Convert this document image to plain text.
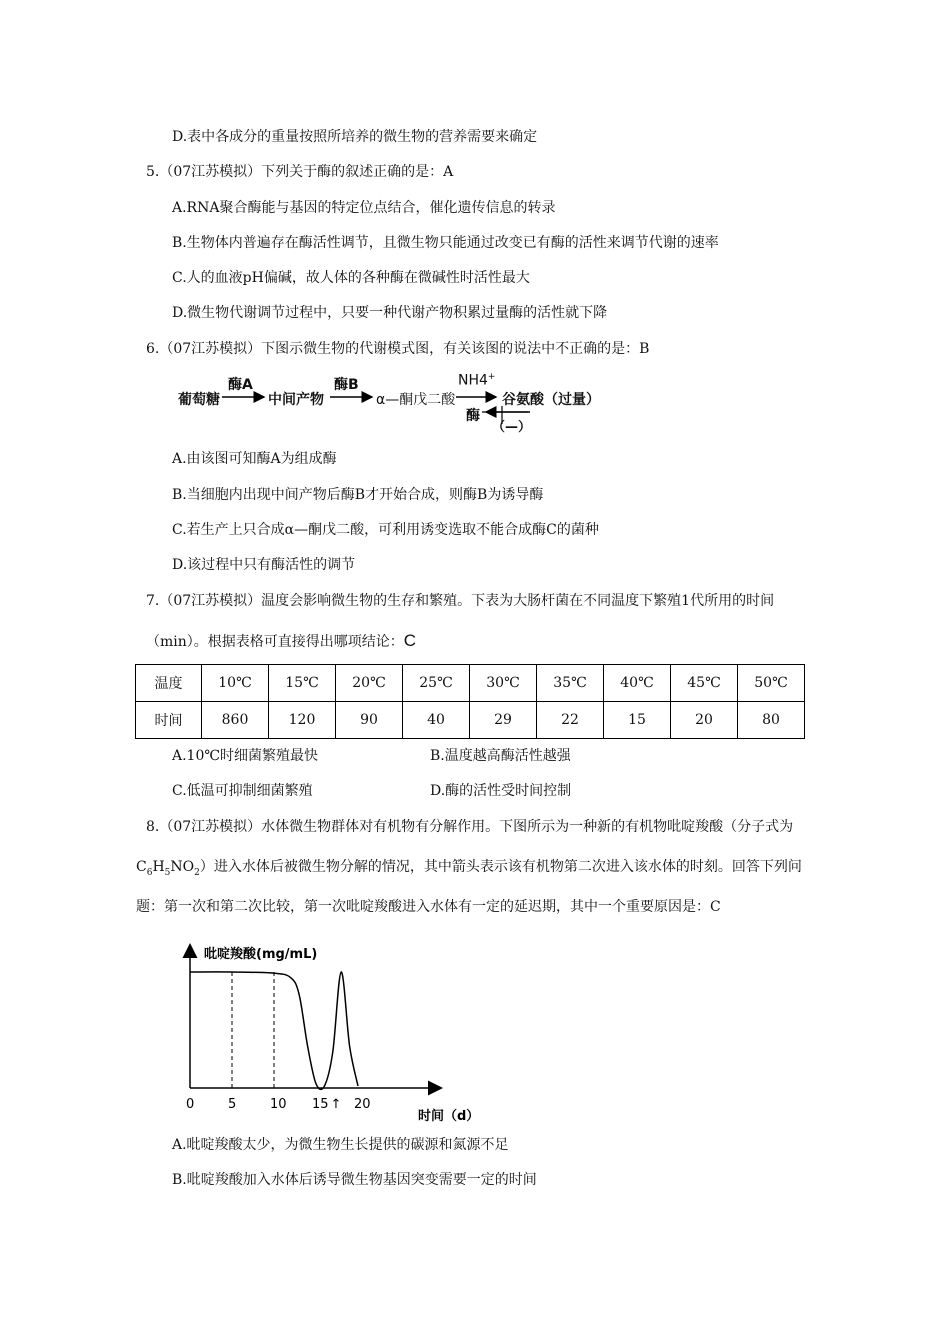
D.表中各成分的重量按照所培养的微生物的营养需要来确定
5.（07江苏模拟）下列关于酶的叙述正确的是：A
A.RNA聚合酶能与基因的特定位点结合，催化遗传信息的转录
B.生物体内普遍存在酶活性调节，且微生物只能通过改变已有酶的活性来调节代谢的速率
C.人的血液pH偏碱，故人体的各种酶在微碱性时活性最大
D.微生物代谢调节过程中，只要一种代谢产物积累过量酶的活性就下降
6.（07江苏模拟）下图示微生物的代谢模式图，有关该图的说法中不正确的是：B
葡萄糖
酶A
中间产物
酶B
α—酮戊二酸
NH4+
酶
谷氨酸（过量）
（—）
A.由该图可知酶A为组成酶
B.当细胞内出现中间产物后酶B才开始合成，则酶B为诱导酶
C.若生产上只合成α—酮戊二酸，可利用诱变选取不能合成酶C的菌种
D.该过程中只有酶活性的调节
7.（07江苏模拟）温度会影响微生物的生存和繁殖。下表为大肠杆菌在不同温度下繁殖1代所用的时间
（min）。根据表格可直接得出哪项结论：C
温度	10℃	15℃	20℃	25℃	30℃	35℃	40℃	45℃	50℃
时间	860	120	90	40	29	22	15	20	80
A.10℃时细菌繁殖最快	B.温度越高酶活性越强
C.低温可抑制细菌繁殖	D.酶的活性受时间控制
8.（07江苏模拟）水体微生物群体对有机物有分解作用。下图所示为一种新的有机物吡啶羧酸（分子式为
$C_6H_5NO_2$）进入水体后被微生物分解的情况，其中箭头表示该有机物第二次进入该水体的时刻。回答下列问
题：第一次和第二次比较，第一次吡啶羧酸进入水体有一定的延迟期，其中一个重要原因是：C
吡啶羧酸(mg/mL)
时间（d）
0	5	10 15 20
↑
A.吡啶羧酸太少，为微生物生长提供的碳源和氮源不足
B.吡啶羧酸加入水体后诱导微生物基因突变需要一定的时间
